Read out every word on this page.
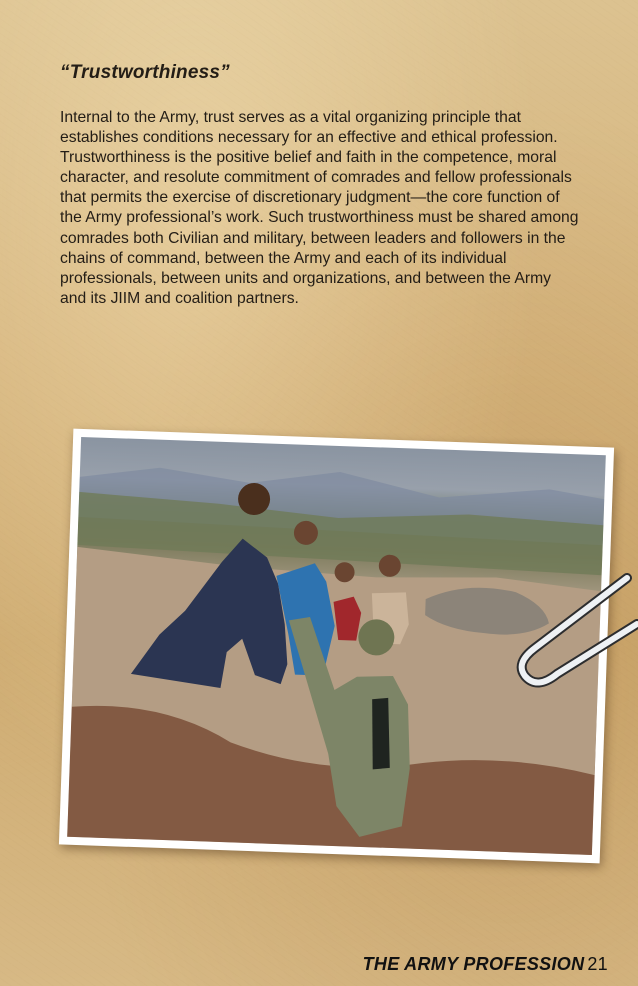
“Trustworthiness”

Internal to the Army, trust serves as a vital organizing principle that establishes conditions necessary for an effective and ethical profession. Trustworthiness is the positive belief and faith in the competence, moral character, and resolute commitment of comrades and fellow professionals that permits the exercise of discretionary judgment—the core function of the Army professional’s work. Such trustworthiness must be shared among comrades both Civilian and military, between leaders and followers in the chains of command, between the Army and each of its individual professionals, between units and organizations, and between the Army and its JIIM and coalition partners.

THE ARMY PROFESSION 21
